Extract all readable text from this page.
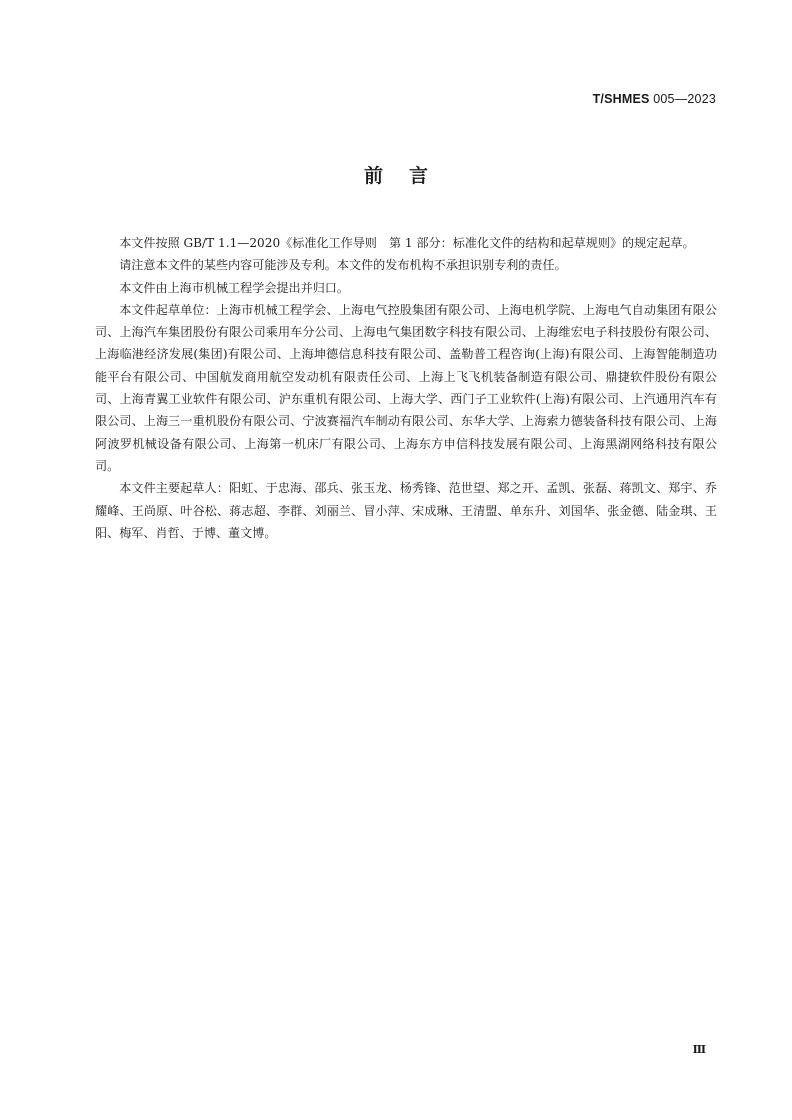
T/SHMES 005—2023
前言

本文件按照 GB/T 1.1—2020《标准化工作导则　第 1 部分：标准化文件的结构和起草规则》的规定起草。

请注意本文件的某些内容可能涉及专利。本文件的发布机构不承担识别专利的责任。

本文件由上海市机械工程学会提出并归口。

本文件起草单位：上海市机械工程学会、上海电气控股集团有限公司、上海电机学院、上海电气自动集团有限公司、上海汽车集团股份有限公司乘用车分公司、上海电气集团数字科技有限公司、上海维宏电子科技股份有限公司、上海临港经济发展(集团)有限公司、上海坤德信息科技有限公司、盖勒普工程咨询(上海)有限公司、上海智能制造功能平台有限公司、中国航发商用航空发动机有限责任公司、上海上飞飞机装备制造有限公司、鼎捷软件股份有限公司、上海青翼工业软件有限公司、沪东重机有限公司、上海大学、西门子工业软件(上海)有限公司、上汽通用汽车有限公司、上海三一重机股份有限公司、宁波赛福汽车制动有限公司、东华大学、上海索力德装备科技有限公司、上海阿波罗机械设备有限公司、上海第一机床厂有限公司、上海东方申信科技发展有限公司、上海黑湖网络科技有限公司。

本文件主要起草人：阳虹、于忠海、邵兵、张玉龙、杨秀锋、范世望、郑之开、孟凯、张磊、蒋凯文、郑宇、乔耀峰、王尚原、叶谷松、蒋志超、李群、刘丽兰、冒小萍、宋成琳、王清盟、单东升、刘国华、张金德、陆金琪、王阳、梅军、肖哲、于博、董文博。

Ⅲ
